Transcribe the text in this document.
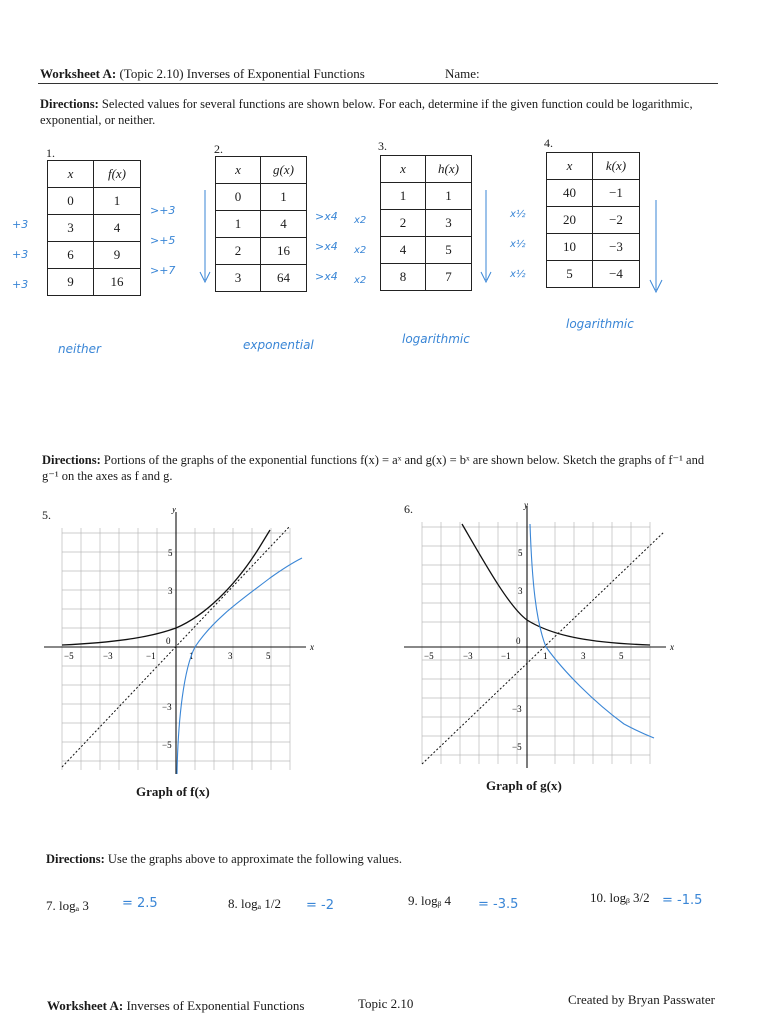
Worksheet A: (Topic 2.10) Inverses of Exponential Functions	Name:
Directions: Selected values for several functions are shown below. For each, determine if the given function could be logarithmic, exponential, or neither.
1.	2.	3.	4.
x	f(x)
0	1
3	4
6	9
9	16
x	g(x)
0	1
1	4
2	16
3	64
x	h(x)
1	1
2	3
4	5
8	7
x	k(x)
40	−1
20	−2
10	−3
5	−4
+3
+3
+3
>+3
>+5
>+7
>x4
>x4
>x4
x2
x2
x2
x½
x½
x½
neither	exponential	logarithmic
logarithmic
Directions: Portions of the graphs of the exponential functions f(x) = aˣ and g(x) = bˣ are shown below. Sketch the graphs of f⁻¹ and g⁻¹ on the axes as f and g.
5.	6.
x
y
−5	−3	−1	1	3	5
5
3
−3
−5
0
Graph of f(x)
x
y
−5	−3	−1	1	3	5
5
3
−3
−5
0
Graph of g(x)
Directions: Use the graphs above to approximate the following values.
7. logₐ 3	= 2.5	8. logₐ 1/2 = -2	9. logᵦ 4 = -3.5	10. logᵦ 3/2 = -1.5
Worksheet A: Inverses of Exponential Functions	Topic 2.10	Created by Bryan Passwater
